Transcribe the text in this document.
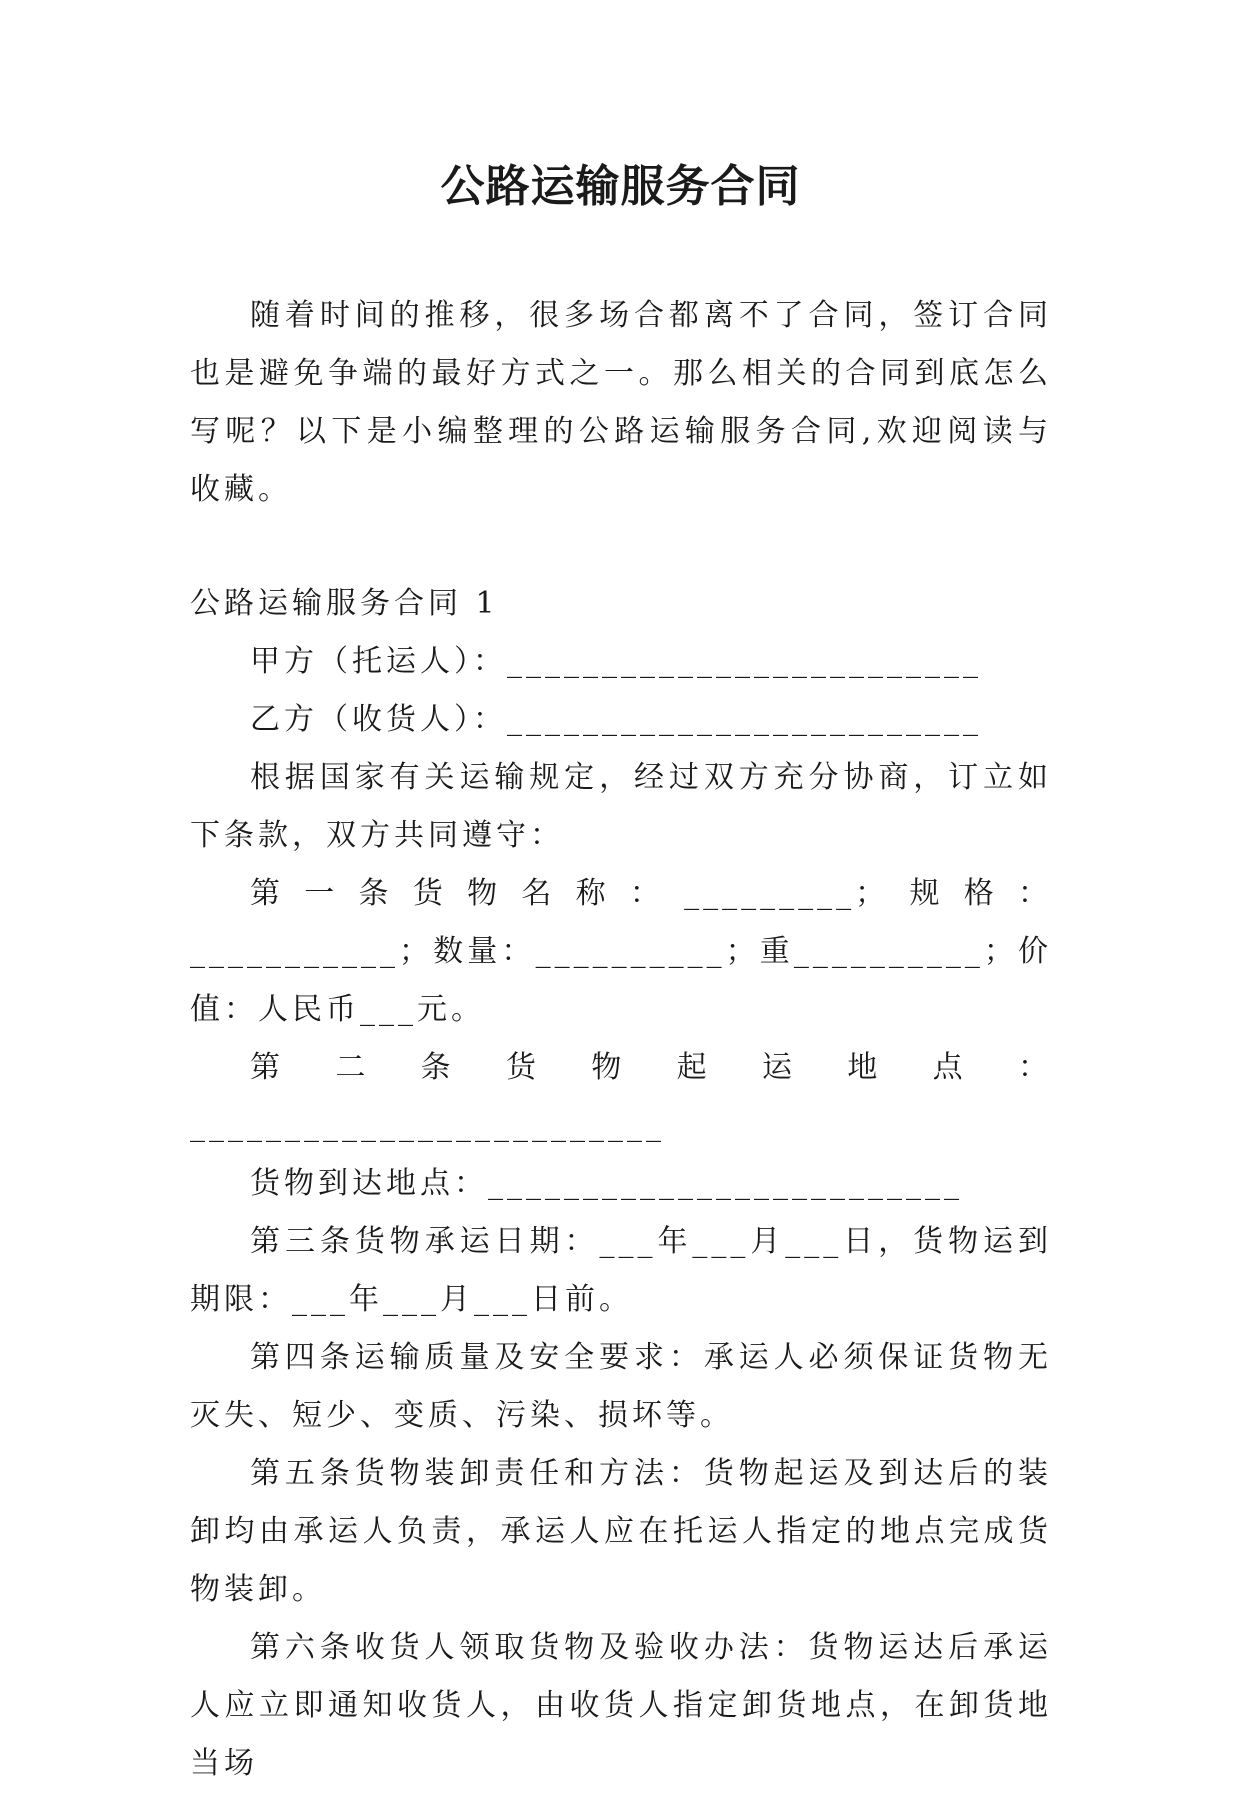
公路运输服务合同

随着时间的推移，很多场合都离不了合同，签订合同也是避免争端的最好方式之一。那么相关的合同到底怎么写呢？以下是小编整理的公路运输服务合同,欢迎阅读与收藏。

公路运输服务合同 1

甲方（托运人）：_________________________

乙方（收货人）：_________________________

根据国家有关运输规定，经过双方充分协商，订立如下条款，双方共同遵守：

第一条货物名称：_________；规格：___________；数量：__________；重__________；价值：人民币___元。

第二条货物起运地点：_________________________

货物到达地点：_________________________

第三条货物承运日期：___年___月___日，货物运到期限：___年___月___日前。

第四条运输质量及安全要求：承运人必须保证货物无灭失、短少、变质、污染、损坏等。

第五条货物装卸责任和方法：货物起运及到达后的装卸均由承运人负责，承运人应在托运人指定的地点完成货物装卸。

第六条收货人领取货物及验收办法：货物运达后承运人应立即通知收货人，由收货人指定卸货地点，在卸货地当场
